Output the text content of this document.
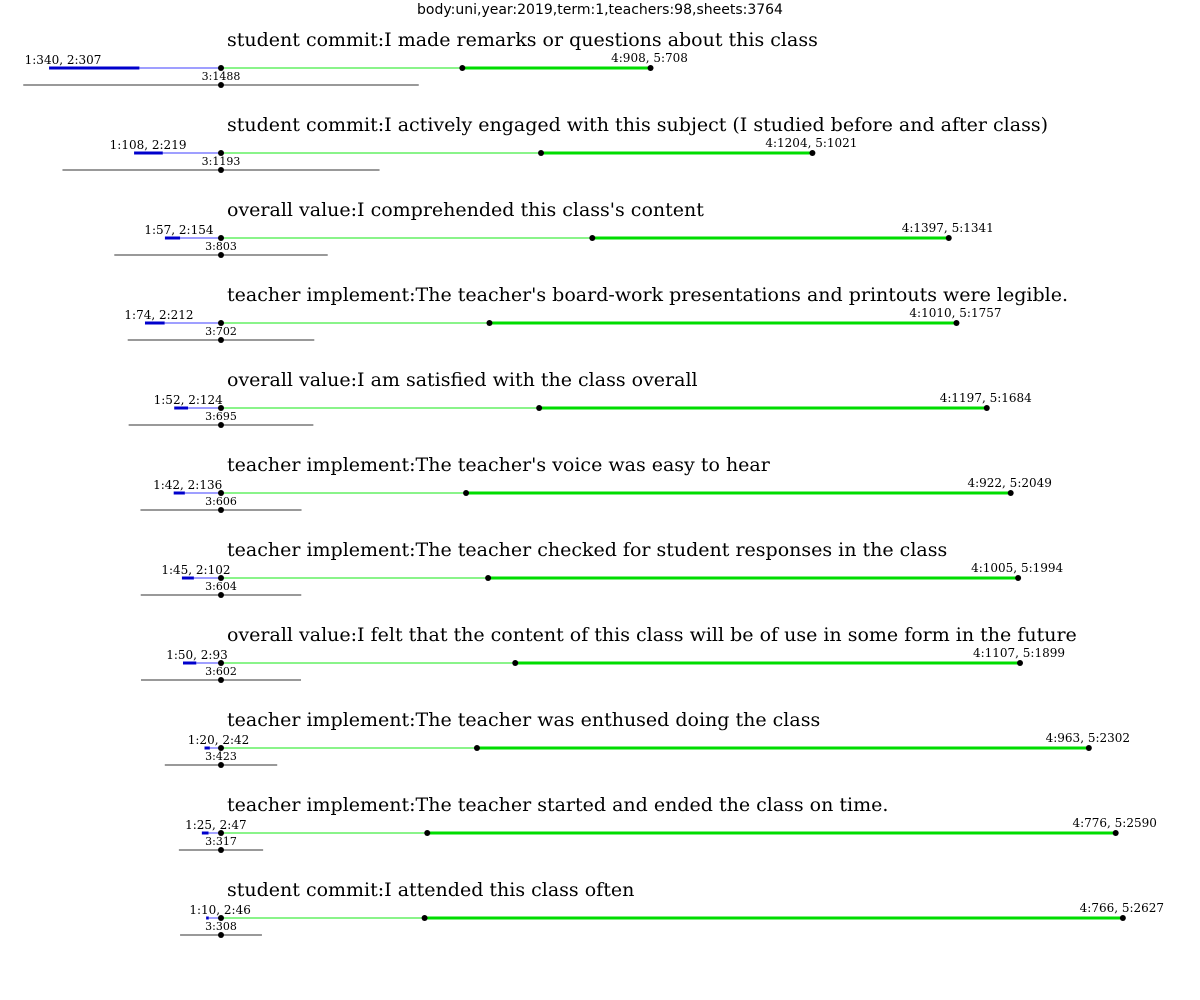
body:uni,year:2019,term:1,teachers:98,sheets:3764
student commit:I made remarks or questions about this class
1:340, 2:307
3:1488
4:908, 5:708
student commit:I actively engaged with this subject (I studied before and after class)
1:108, 2:219
3:1193
4:1204, 5:1021
overall value:I comprehended this class's content
1:57, 2:154
3:803
4:1397, 5:1341
teacher implement:The teacher's board-work presentations and printouts were legible.
1:74, 2:212
3:702
4:1010, 5:1757
overall value:I am satisfied with the class overall
1:52, 2:124
3:695
4:1197, 5:1684
teacher implement:The teacher's voice was easy to hear
1:42, 2:136
3:606
4:922, 5:2049
teacher implement:The teacher checked for student responses in the class
1:45, 2:102
3:604
4:1005, 5:1994
overall value:I felt that the content of this class will be of use in some form in the future
1:50, 2:93
3:602
4:1107, 5:1899
teacher implement:The teacher was enthused doing the class
1:20, 2:42
3:423
4:963, 5:2302
teacher implement:The teacher started and ended the class on time.
1:25, 2:47
3:317
4:776, 5:2590
student commit:I attended this class often
1:10, 2:46
3:308
4:766, 5:2627
